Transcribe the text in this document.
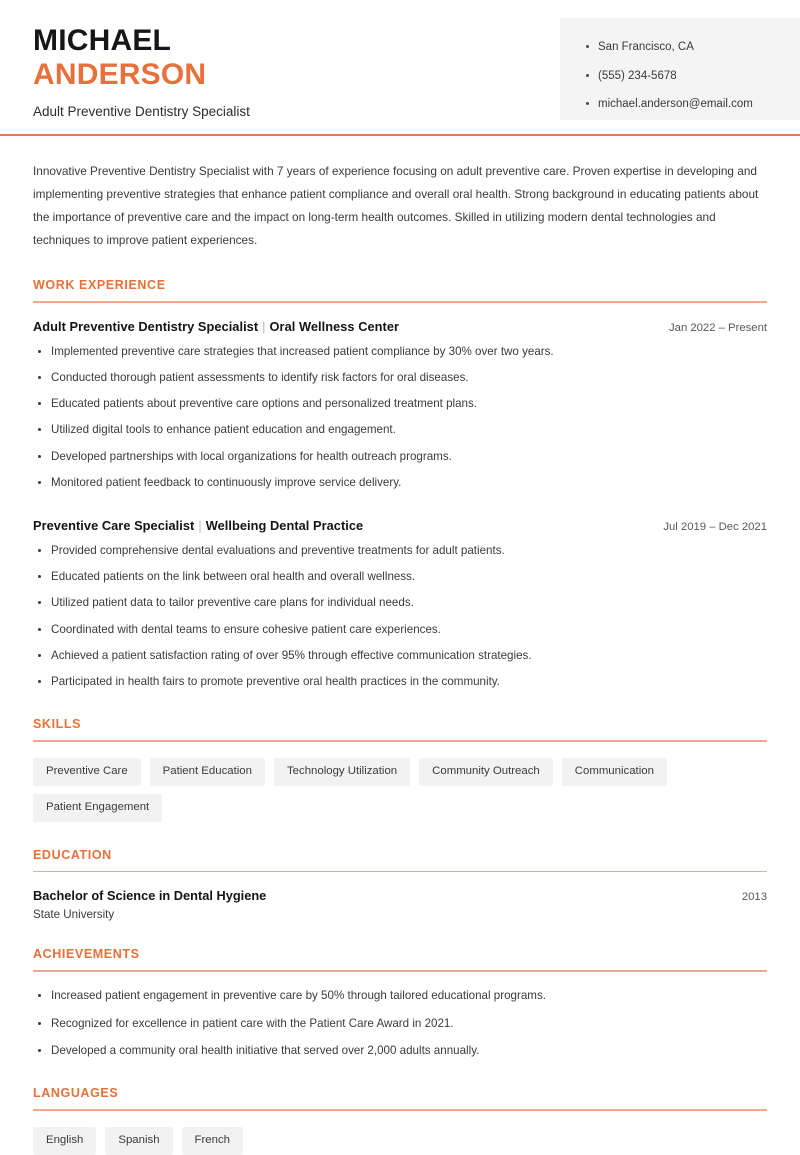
San Francisco, CA
(555) 234-5678
michael.anderson@email.com
MICHAEL
ANDERSON
Adult Preventive Dentistry Specialist

Innovative Preventive Dentistry Specialist with 7 years of experience focusing on adult preventive care. Proven expertise in developing and implementing preventive strategies that enhance patient compliance and overall oral health. Strong background in educating patients about the importance of preventive care and the impact on long-term health outcomes. Skilled in utilizing modern dental technologies and techniques to improve patient experiences.

WORK EXPERIENCE
Adult Preventive Dentistry Specialist | Oral Wellness Center	Jan 2022 – Present
Implemented preventive care strategies that increased patient compliance by 30% over two years.
Conducted thorough patient assessments to identify risk factors for oral diseases.
Educated patients about preventive care options and personalized treatment plans.
Utilized digital tools to enhance patient education and engagement.
Developed partnerships with local organizations for health outreach programs.
Monitored patient feedback to continuously improve service delivery.
Preventive Care Specialist | Wellbeing Dental Practice	Jul 2019 – Dec 2021
Provided comprehensive dental evaluations and preventive treatments for adult patients.
Educated patients on the link between oral health and overall wellness.
Utilized patient data to tailor preventive care plans for individual needs.
Coordinated with dental teams to ensure cohesive patient care experiences.
Achieved a patient satisfaction rating of over 95% through effective communication strategies.
Participated in health fairs to promote preventive oral health practices in the community.
SKILLS
Preventive Care	Patient Education	Technology Utilization	Community Outreach	Communication
Patient Engagement
EDUCATION
Bachelor of Science in Dental Hygiene	2013
State University
ACHIEVEMENTS
Increased patient engagement in preventive care by 50% through tailored educational programs.
Recognized for excellence in patient care with the Patient Care Award in 2021.
Developed a community oral health initiative that served over 2,000 adults annually.
LANGUAGES
English	Spanish	French
